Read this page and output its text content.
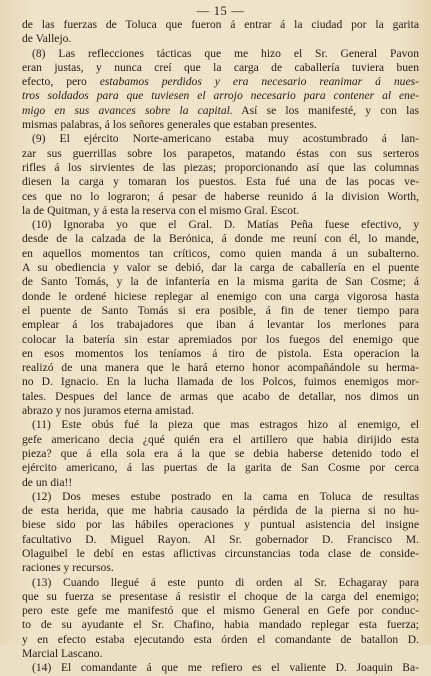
— 15 —
de las fuerzas de Toluca que fueron á entrar á la ciudad por la garita
de Vallejo.
(8) Las reflecciones tácticas que me hizo el Sr. General Pavon
eran justas, y nunca creí que la carga de caballería tuviera buen
efecto, pero estabamos perdidos y era necesario reanimar á nues-
tros soldados para que tuviesen el arrojo necesario para contener al ene-
migo en sus avances sobre la capital. Así se los manifesté, y con las
mismas palabras, á los señores generales que estaban presentes.
(9) El ejército Norte-americano estaba muy acostumbrado á lan-
zar sus guerrillas sobre los parapetos, matando éstas con sus serteros
rifles á los sirvientes de las piezas; proporcionando así que las columnas
diesen la carga y tomaran los puestos. Esta fué una de las pocas ve-
ces que no lo lograron; á pesar de haberse reunido á la division Worth,
la de Quitman, y á esta la reserva con el mismo Gral. Escot.
(10) Ignoraba yo que el Gral. D. Matías Peña fuese efectivo, y
desde de la calzada de la Berónica, á donde me reuní con él, lo mande,
en aquellos momentos tan críticos, como quien manda á un subalterno.
A su obediencia y valor se debió, dar la carga de caballería en el puente
de Santo Tomás, y la de infantería en la misma garita de San Cosme; á
donde le ordené hiciese replegar al enemigo con una carga vigorosa hasta
el puente de Santo Tomás si era posible, á fin de tener tiempo para
emplear á los trabajadores que iban á levantar los merlones para
colocar la batería sin estar apremiados por los fuegos del enemigo que
en esos momentos los teníamos á tiro de pistola. Esta operacion la
realizó de una manera que le hará eterno honor acompañándole su herma-
no D. Ignacio. En la lucha llamada de los Polcos, fuimos enemigos mor-
tales. Despues del lance de armas que acabo de detallar, nos dimos un
abrazo y nos juramos eterna amistad.
(11) Este obús fué la pieza que mas estragos hizo al enemigo, el
gefe americano decia ¿qué quién era el artillero que habia dirijido esta
pieza? que á ella sola era á la que se debia haberse detenido todo el
ejército americano, á las puertas de la garita de San Cosme por cerca
de un dia!!
(12) Dos meses estube postrado en la cama en Toluca de resultas
de esta herida, que me habria causado la pérdida de la pierna si no hu-
biese sido por las hábiles operaciones y puntual asistencia del insigne
facultativo D. Miguel Rayon. Al Sr. gobernador D. Francisco M.
Olaguibel le debí en estas aflictivas circunstancias toda clase de conside-
raciones y recursos.
(13) Cuando llegué á este punto di orden al Sr. Echagaray para
que su fuerza se presentase á resistir el choque de la carga del enemigo;
pero este gefe me manifestó que el mismo General en Gefe por conduc-
to de su ayudante el Sr. Chafino, habia mandado replegar esta fuerza;
y en efecto estaba ejecutando esta órden el comandante de batallon D.
Marcial Lascano.
(14) El comandante á que me refiero es el valiente D. Joaquin Ba-
